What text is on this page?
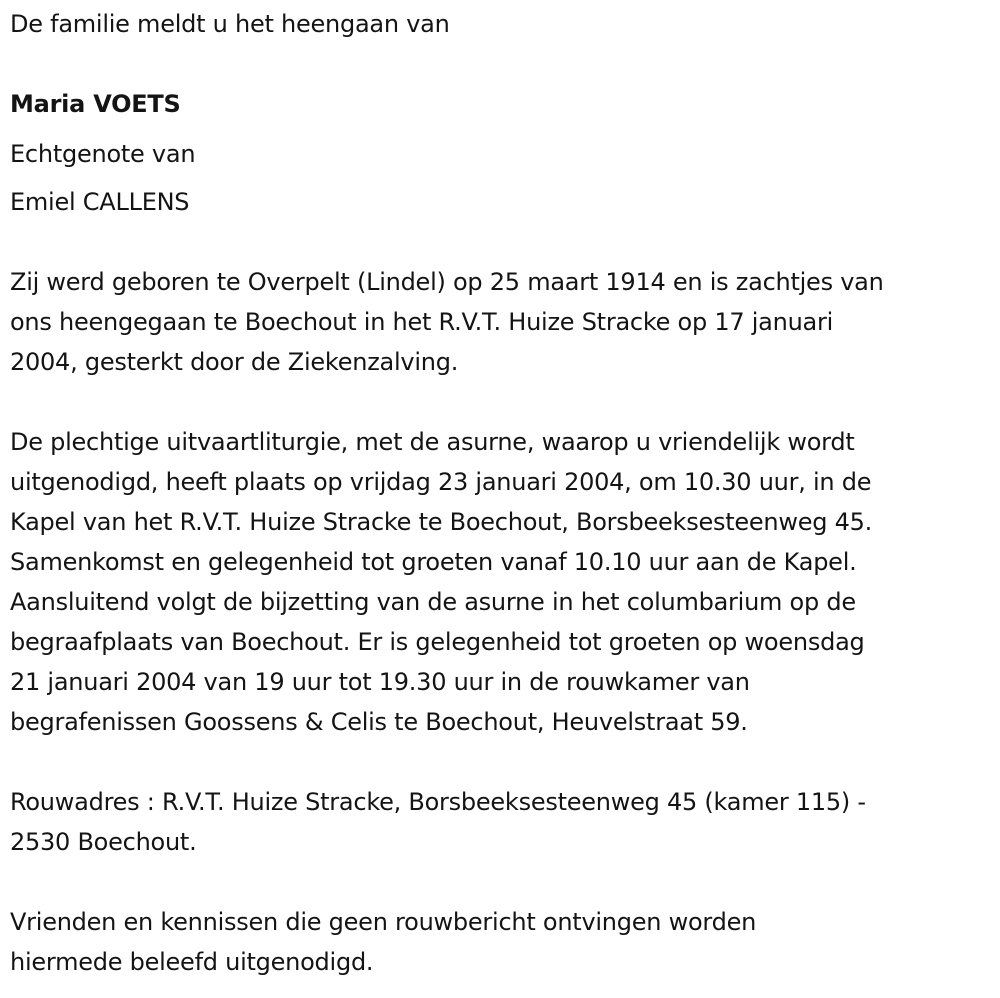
De familie meldt u het heengaan van
Maria VOETS
Echtgenote van
Emiel CALLENS
Zij werd geboren te Overpelt (Lindel) op 25 maart 1914 en is zachtjes van
ons heengegaan te Boechout in het R.V.T. Huize Stracke op 17 januari
2004, gesterkt door de Ziekenzalving.
De plechtige uitvaartliturgie, met de asurne, waarop u vriendelijk wordt
uitgenodigd, heeft plaats op vrijdag 23 januari 2004, om 10.30 uur, in de
Kapel van het R.V.T. Huize Stracke te Boechout, Borsbeeksesteenweg 45.
Samenkomst en gelegenheid tot groeten vanaf 10.10 uur aan de Kapel.
Aansluitend volgt de bijzetting van de asurne in het columbarium op de
begraafplaats van Boechout. Er is gelegenheid tot groeten op woensdag
21 januari 2004 van 19 uur tot 19.30 uur in de rouwkamer van
begrafenissen Goossens & Celis te Boechout, Heuvelstraat 59.
Rouwadres : R.V.T. Huize Stracke, Borsbeeksesteenweg 45 (kamer 115) -
2530 Boechout.
Vrienden en kennissen die geen rouwbericht ontvingen worden
hiermede beleefd uitgenodigd.
